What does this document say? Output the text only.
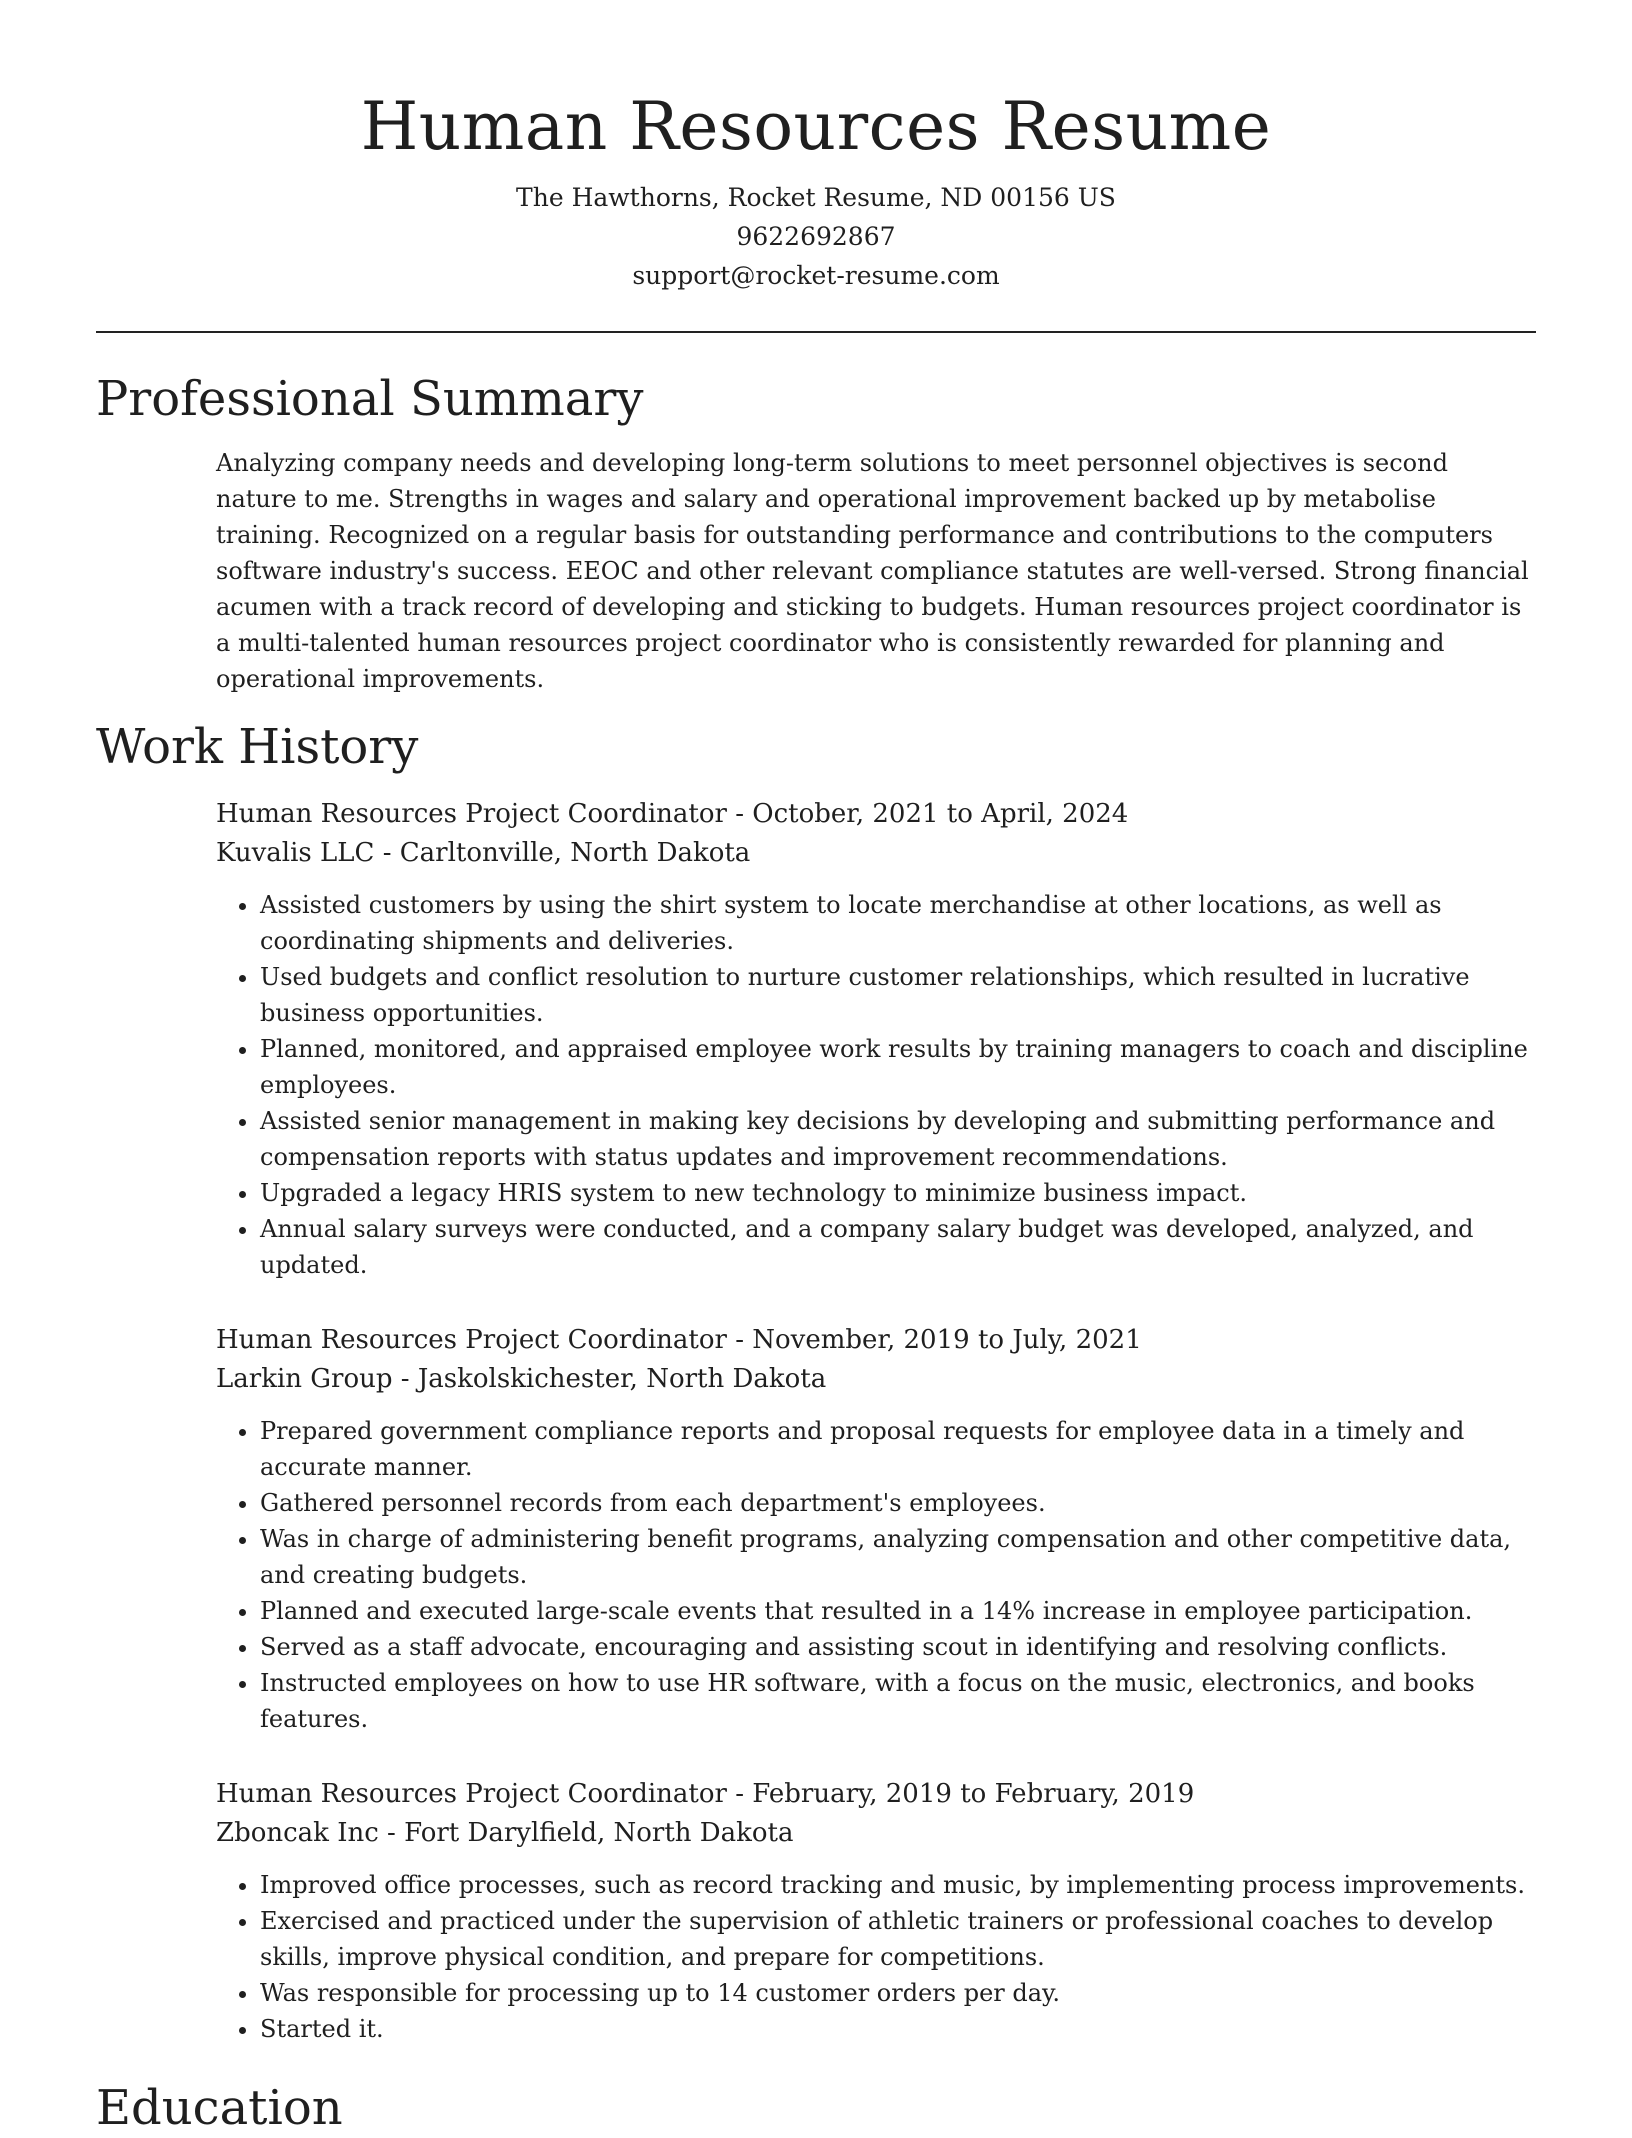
Human Resources Resume
The Hawthorns, Rocket Resume, ND 00156 US
9622692867
support@rocket-resume.com
Professional Summary

Analyzing company needs and developing long-term solutions to meet personnel objectives is second nature to me. Strengths in wages and salary and operational improvement backed up by metabolise training. Recognized on a regular basis for outstanding performance and contributions to the computers software industry's success. EEOC and other relevant compliance statutes are well-versed. Strong financial acumen with a track record of developing and sticking to budgets. Human resources project coordinator is a multi-talented human resources project coordinator who is consistently rewarded for planning and operational improvements.

Work History
Human Resources Project Coordinator - October, 2021 to April, 2024
Kuvalis LLC - Carltonville, North Dakota
• Assisted customers by using the shirt system to locate merchandise at other locations, as well as coordinating shipments and deliveries.
• Used budgets and conflict resolution to nurture customer relationships, which resulted in lucrative business opportunities.
• Planned, monitored, and appraised employee work results by training managers to coach and discipline employees.
• Assisted senior management in making key decisions by developing and submitting performance and compensation reports with status updates and improvement recommendations.
• Upgraded a legacy HRIS system to new technology to minimize business impact.
• Annual salary surveys were conducted, and a company salary budget was developed, analyzed, and updated.
Human Resources Project Coordinator - November, 2019 to July, 2021
Larkin Group - Jaskolskichester, North Dakota
• Prepared government compliance reports and proposal requests for employee data in a timely and accurate manner.
• Gathered personnel records from each department's employees.
• Was in charge of administering benefit programs, analyzing compensation and other competitive data, and creating budgets.
• Planned and executed large-scale events that resulted in a 14% increase in employee participation.
• Served as a staff advocate, encouraging and assisting scout in identifying and resolving conflicts.
• Instructed employees on how to use HR software, with a focus on the music, electronics, and books features.
Human Resources Project Coordinator - February, 2019 to February, 2019
Zboncak Inc - Fort Darylfield, North Dakota
• Improved office processes, such as record tracking and music, by implementing process improvements.
• Exercised and practiced under the supervision of athletic trainers or professional coaches to develop skills, improve physical condition, and prepare for competitions.
• Was responsible for processing up to 14 customer orders per day.
• Started it.
Education
